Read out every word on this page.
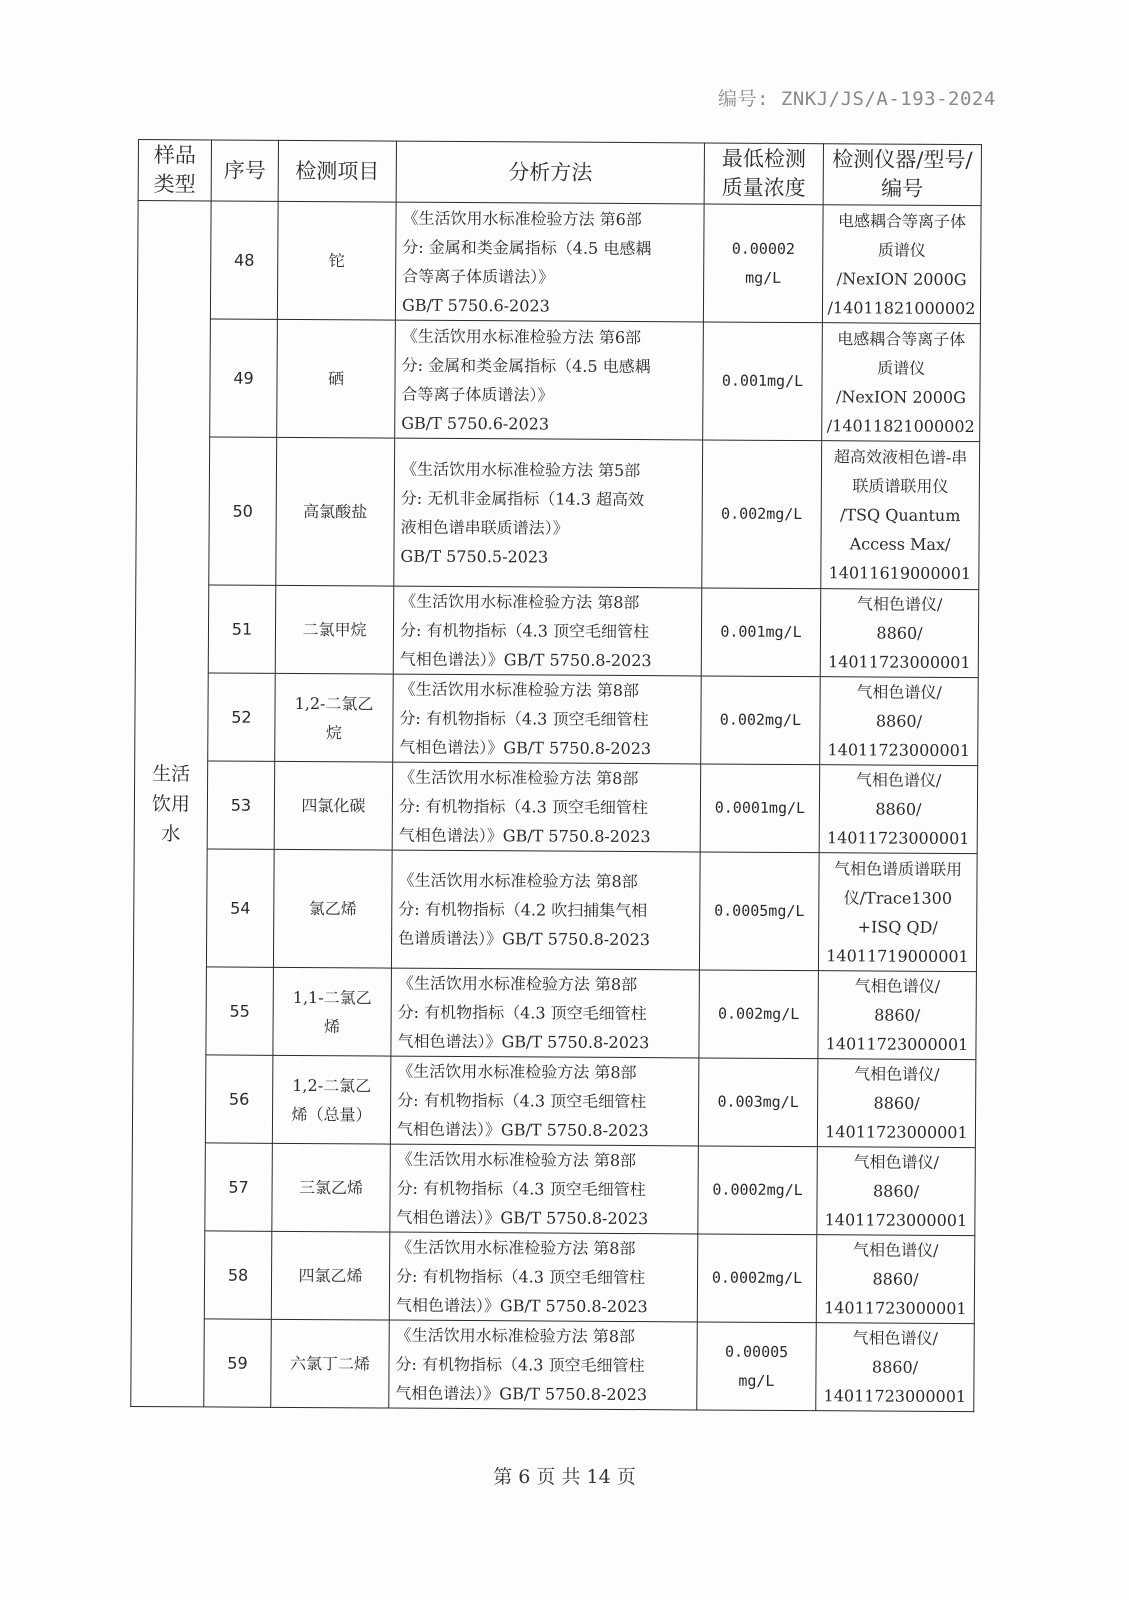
编号: ZNKJ/JS/A-193-2024
样品
类型	序号	检测项目	分析方法	最低检测
质量浓度	检测仪器/型号/
编号

生活
饮用
水	48	铊	《生活饮用水标准检验方法 第6部
分: 金属和类金属指标（4.5 电感耦
合等离子体质谱法）》
GB/T 5750.6-2023	0.00002
mg/L	电感耦合等离子体
质谱仪
/NexION 2000G
/14011821000002

	49	硒	《生活饮用水标准检验方法 第6部
分: 金属和类金属指标（4.5 电感耦
合等离子体质谱法）》
GB/T 5750.6-2023	0.001mg/L	电感耦合等离子体
质谱仪
/NexION 2000G
/14011821000002

	50	高氯酸盐	《生活饮用水标准检验方法 第5部
分: 无机非金属指标（14.3 超高效
液相色谱串联质谱法）》
GB/T 5750.5-2023	0.002mg/L	超高效液相色谱-串
联质谱联用仪
/TSQ Quantum
Access Max/
14011619000001

	51	二氯甲烷	《生活饮用水标准检验方法 第8部
分: 有机物指标（4.3 顶空毛细管柱
气相色谱法）》GB/T 5750.8-2023	0.001mg/L	气相色谱仪/
8860/
14011723000001

	52	1,2-二氯乙
烷	《生活饮用水标准检验方法 第8部
分: 有机物指标（4.3 顶空毛细管柱
气相色谱法）》GB/T 5750.8-2023	0.002mg/L	气相色谱仪/
8860/
14011723000001

	53	四氯化碳	《生活饮用水标准检验方法 第8部
分: 有机物指标（4.3 顶空毛细管柱
气相色谱法）》GB/T 5750.8-2023	0.0001mg/L	气相色谱仪/
8860/
14011723000001

	54	氯乙烯	《生活饮用水标准检验方法 第8部
分: 有机物指标（4.2 吹扫捕集气相
色谱质谱法）》GB/T 5750.8-2023	0.0005mg/L	气相色谱质谱联用
仪/Trace1300
+ISQ QD/
14011719000001

	55	1,1-二氯乙
烯	《生活饮用水标准检验方法 第8部
分: 有机物指标（4.3 顶空毛细管柱
气相色谱法）》GB/T 5750.8-2023	0.002mg/L	气相色谱仪/
8860/
14011723000001

	56	1,2-二氯乙
烯（总量）	《生活饮用水标准检验方法 第8部
分: 有机物指标（4.3 顶空毛细管柱
气相色谱法）》GB/T 5750.8-2023	0.003mg/L	气相色谱仪/
8860/
14011723000001

	57	三氯乙烯	《生活饮用水标准检验方法 第8部
分: 有机物指标（4.3 顶空毛细管柱
气相色谱法）》GB/T 5750.8-2023	0.0002mg/L	气相色谱仪/
8860/
14011723000001

	58	四氯乙烯	《生活饮用水标准检验方法 第8部
分: 有机物指标（4.3 顶空毛细管柱
气相色谱法）》GB/T 5750.8-2023	0.0002mg/L	气相色谱仪/
8860/
14011723000001

	59	六氯丁二烯	《生活饮用水标准检验方法 第8部
分: 有机物指标（4.3 顶空毛细管柱
气相色谱法）》GB/T 5750.8-2023	0.00005
mg/L	气相色谱仪/
8860/
14011723000001
第 6 页 共 14 页
